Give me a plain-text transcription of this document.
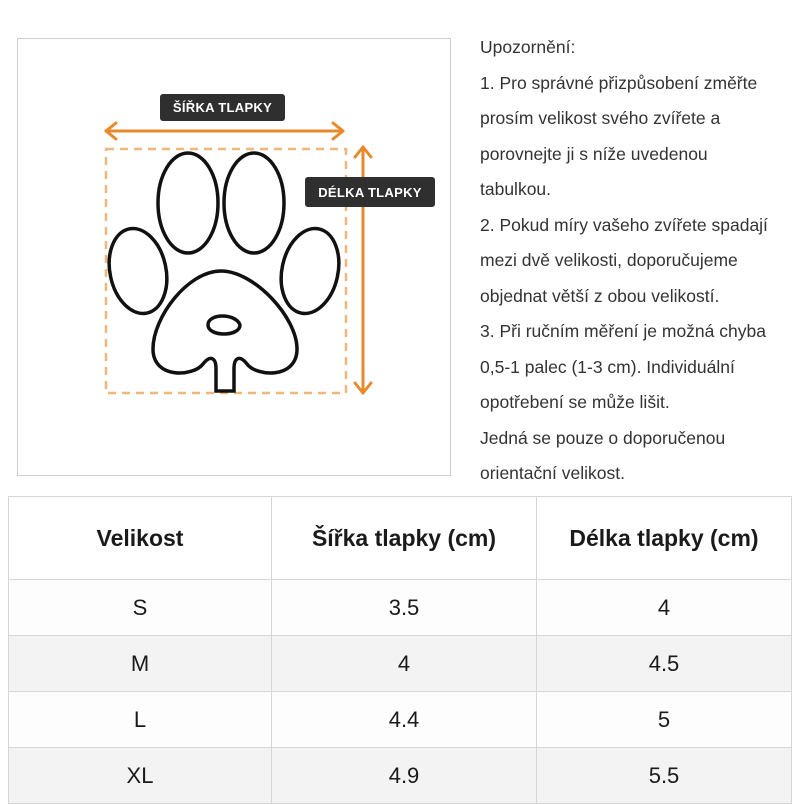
ŠÍŘKA TLAPKY
DÉLKA TLAPKY

Upozornění:

1. Pro správné přizpůsobení změřte

prosím velikost svého zvířete a

porovnejte ji s níže uvedenou

tabulkou.

2. Pokud míry vašeho zvířete spadají

mezi dvě velikosti, doporučujeme

objednat větší z obou velikostí.

3. Při ručním měření je možná chyba

0,5-1 palec (1-3 cm). Individuální

opotřebení se může lišit.

Jedná se pouze o doporučenou

orientační velikost.

Velikost	Šířka tlapky (cm)	Délka tlapky (cm)
S	3.5	4
M	4	4.5
L	4.4	5
XL	4.9	5.5
